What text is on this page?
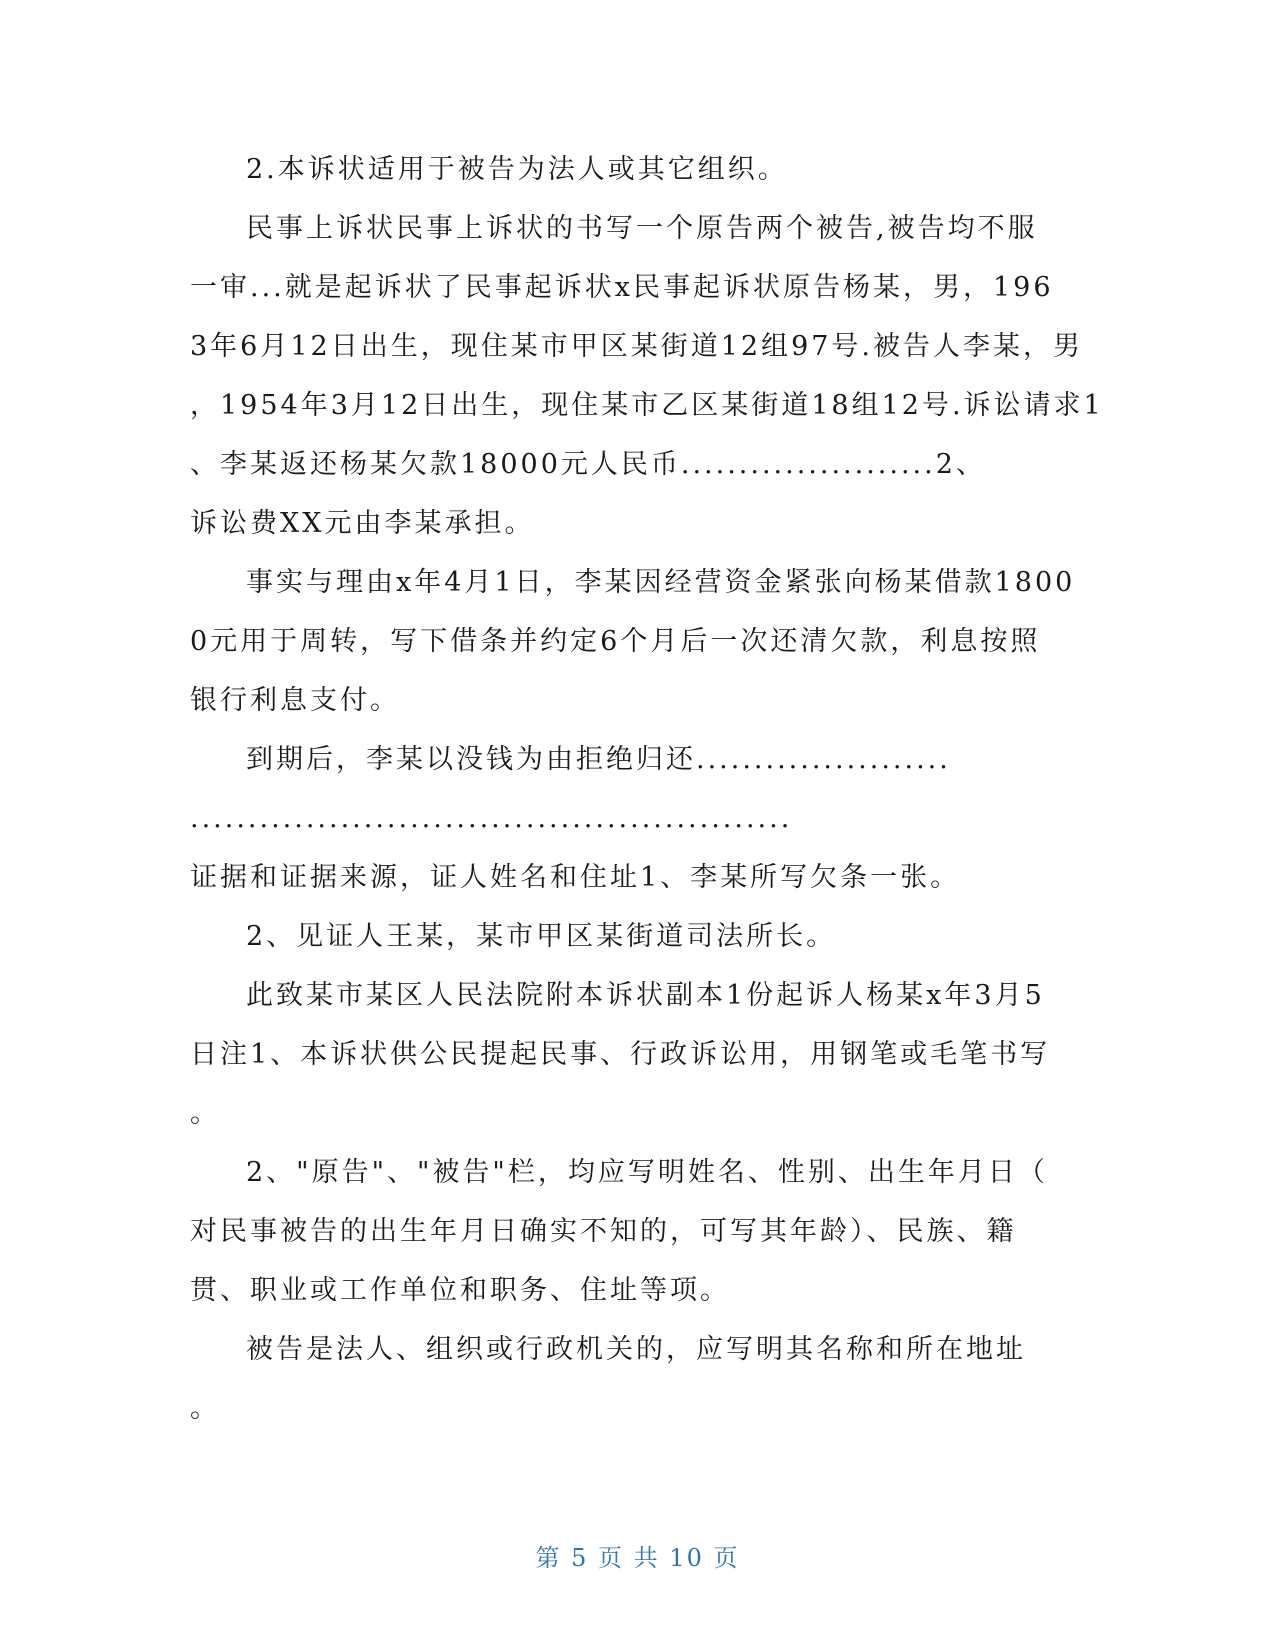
2.本诉状适用于被告为法人或其它组织。
民事上诉状民事上诉状的书写一个原告两个被告,被告均不服
一审...就是起诉状了民事起诉状x民事起诉状原告杨某，男，196
3年6月12日出生，现住某市甲区某街道12组97号.被告人李某，男
，1954年3月12日出生，现住某市乙区某街道18组12号.诉讼请求1
、李某返还杨某欠款18000元人民币......................2、
诉讼费XX元由李某承担。
事实与理由x年4月1日，李某因经营资金紧张向杨某借款1800
0元用于周转，写下借条并约定6个月后一次还清欠款，利息按照
银行利息支付。
到期后，李某以没钱为由拒绝归还......................
....................................................
证据和证据来源，证人姓名和住址1、李某所写欠条一张。
2、见证人王某，某市甲区某街道司法所长。
此致某市某区人民法院附本诉状副本1份起诉人杨某x年3月5
日注1、本诉状供公民提起民事、行政诉讼用，用钢笔或毛笔书写
。
2、"原告"、"被告"栏，均应写明姓名、性别、出生年月日（
对民事被告的出生年月日确实不知的，可写其年龄）、民族、籍
贯、职业或工作单位和职务、住址等项。
被告是法人、组织或行政机关的，应写明其名称和所在地址
。
第 5 页 共 10 页
